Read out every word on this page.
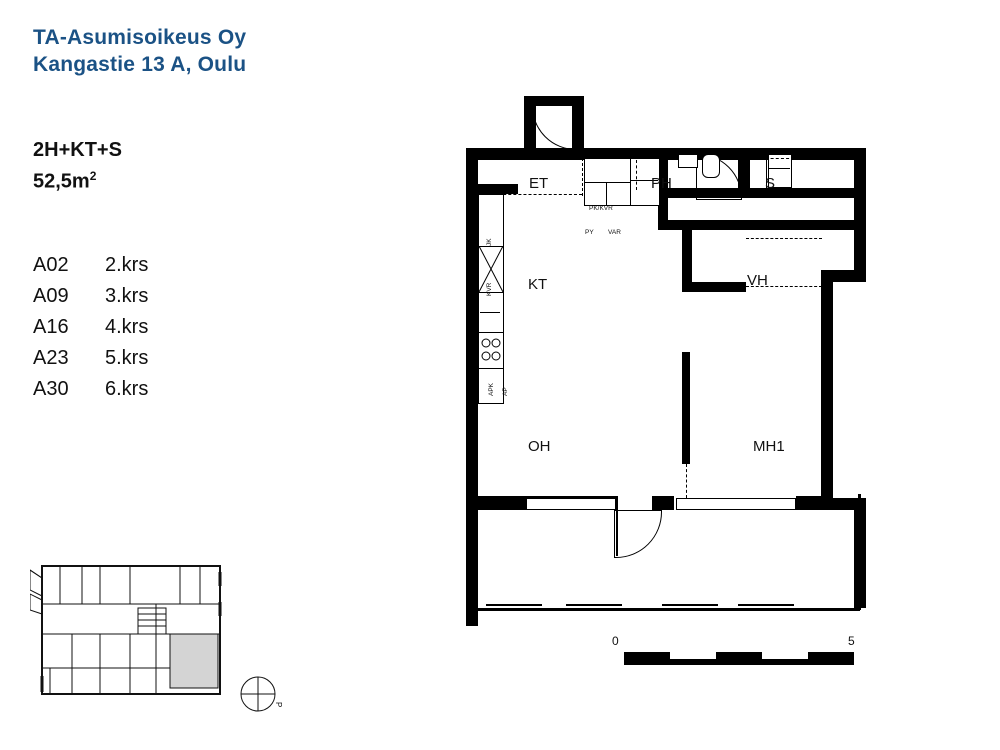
TA-Asumisoikeus Oy
Kangastie 13 A, Oulu
2H+KT+S
$52,5m^2$
A02	2.krs
A09	3.krs
A16	4.krs
A23	5.krs
A30	6.krs
P
KT
OH	MH1
ET	PH	S
VH
PK/KVR
PY VAR
JK
KVR
APK AP
0	5
